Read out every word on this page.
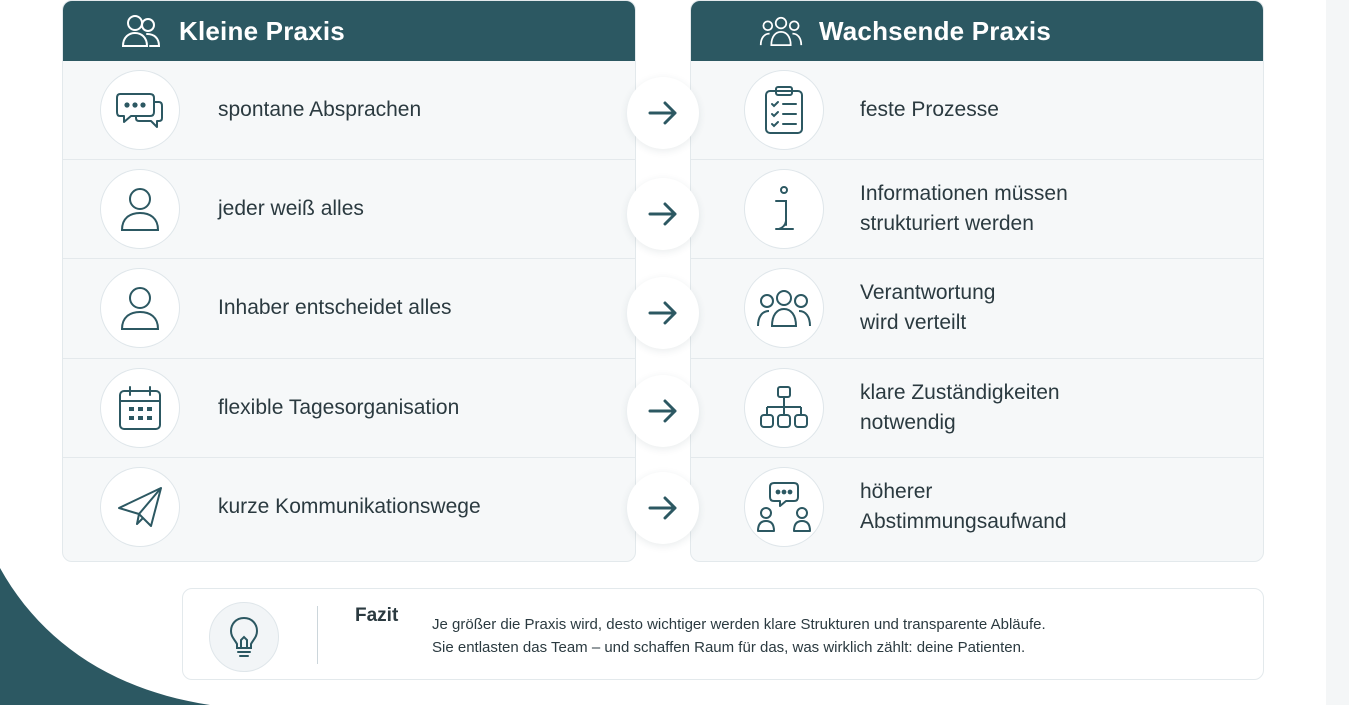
Kleine Praxis
spontane Absprachen
jeder weiß alles
Inhaber entscheidet alles
flexible Tagesorganisation
kurze Kommunikationswege
Wachsende Praxis
feste Prozesse
Informationen müssen
strukturiert werden
Verantwortung
wird verteilt
klare Zuständigkeiten
notwendig
höherer
Abstimmungsaufwand
Fazit Je größer die Praxis wird, desto wichtiger werden klare Strukturen und transparente Abläufe.
Sie entlasten das Team – und schaffen Raum für das, was wirklich zählt: deine Patienten.
